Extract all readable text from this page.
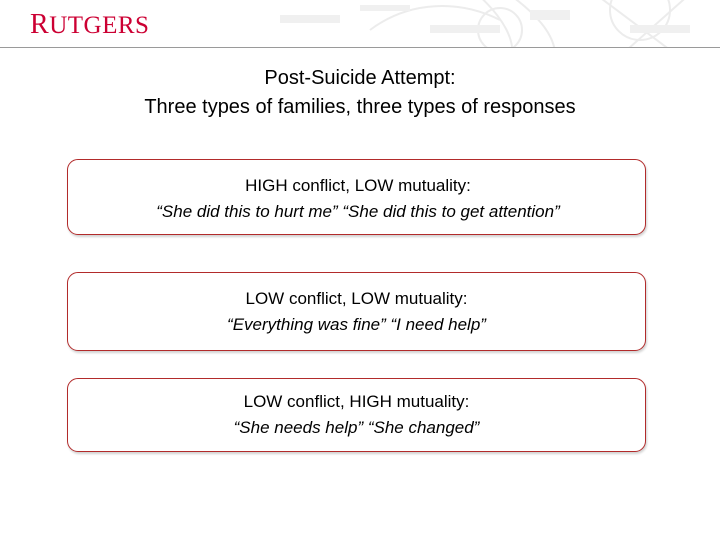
RUTGERS
Post-Suicide Attempt:
Three types of families, three types of responses
HIGH conflict, LOW mutuality:
“She did this to hurt me” “She did this to get attention”
LOW conflict, LOW mutuality:
“Everything was fine” “I need help”
LOW conflict, HIGH mutuality:
“She needs help” “She changed”
